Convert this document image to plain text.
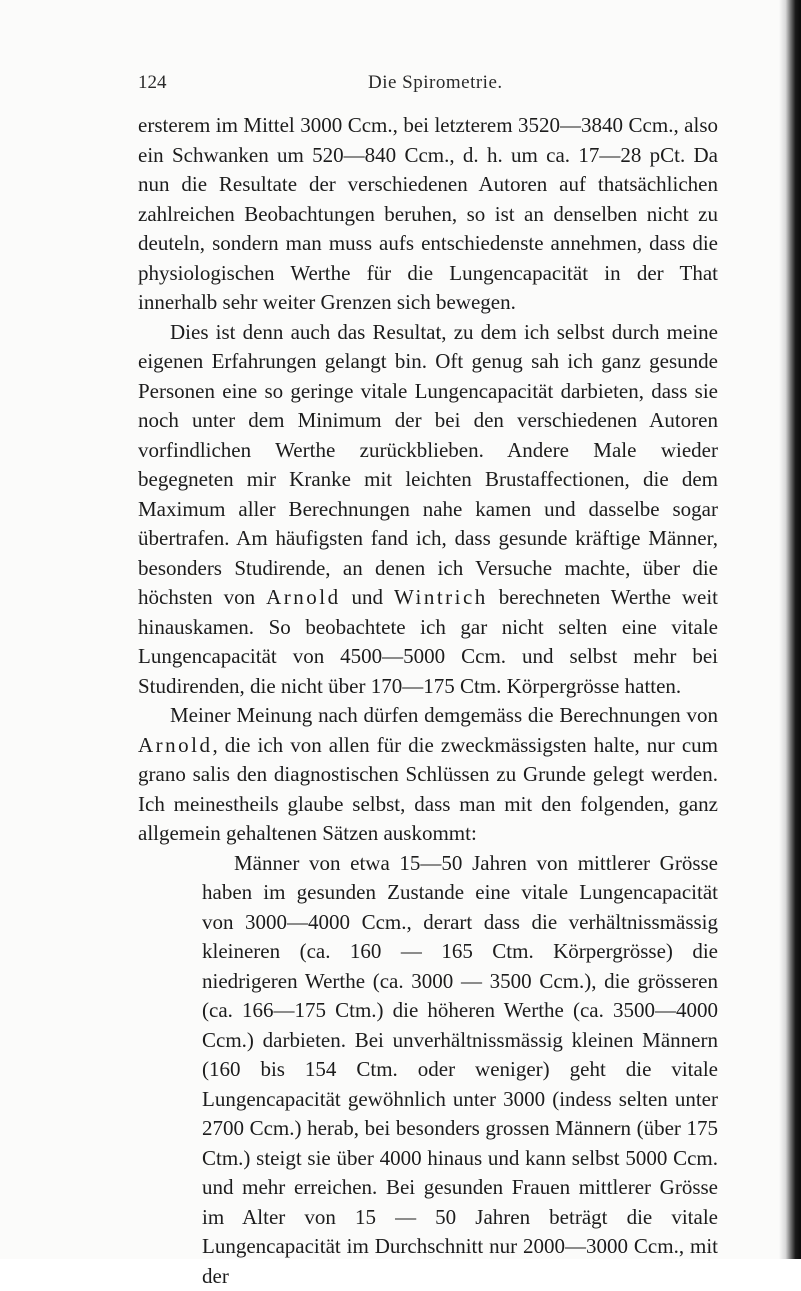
124	Die Spirometrie.

ersterem im Mittel 3000 Ccm., bei letzterem 3520—3840 Ccm., also ein Schwanken um 520—840 Ccm., d. h. um ca. 17—28 pCt. Da nun die Resultate der verschiedenen Autoren auf thatsächlichen zahlreichen Beobachtungen beruhen, so ist an denselben nicht zu deuteln, sondern man muss aufs entschiedenste annehmen, dass die physiologischen Werthe für die Lungencapacität in der That innerhalb sehr weiter Grenzen sich bewegen.

Dies ist denn auch das Resultat, zu dem ich selbst durch meine eigenen Erfahrungen gelangt bin. Oft genug sah ich ganz gesunde Personen eine so geringe vitale Lungencapacität darbieten, dass sie noch unter dem Minimum der bei den verschiedenen Autoren vorfindlichen Werthe zurückblieben. Andere Male wieder begegneten mir Kranke mit leichten Brustaffectionen, die dem Maximum aller Berechnungen nahe kamen und dasselbe sogar übertrafen. Am häufigsten fand ich, dass gesunde kräftige Männer, besonders Studirende, an denen ich Versuche machte, über die höchsten von Arnold und Wintrich berechneten Werthe weit hinauskamen. So beobachtete ich gar nicht selten eine vitale Lungencapacität von 4500—5000 Ccm. und selbst mehr bei Studirenden, die nicht über 170—175 Ctm. Körpergrösse hatten.

Meiner Meinung nach dürfen demgemäss die Berechnungen von Arnold, die ich von allen für die zweckmässigsten halte, nur cum grano salis den diagnostischen Schlüssen zu Grunde gelegt werden. Ich meinestheils glaube selbst, dass man mit den folgenden, ganz allgemein gehaltenen Sätzen auskommt:

Männer von etwa 15—50 Jahren von mittlerer Grösse haben im gesunden Zustande eine vitale Lungencapacität von 3000—4000 Ccm., derart dass die verhältnissmässig kleineren (ca. 160 — 165 Ctm. Körpergrösse) die niedrigeren Werthe (ca. 3000 — 3500 Ccm.), die grösseren (ca. 166—175 Ctm.) die höheren Werthe (ca. 3500—4000 Ccm.) darbieten. Bei unverhältnissmässig kleinen Männern (160 bis 154 Ctm. oder weniger) geht die vitale Lungencapacität gewöhnlich unter 3000 (indess selten unter 2700 Ccm.) herab, bei besonders grossen Männern (über 175 Ctm.) steigt sie über 4000 hinaus und kann selbst 5000 Ccm. und mehr erreichen. Bei gesunden Frauen mittlerer Grösse im Alter von 15 — 50 Jahren beträgt die vitale Lungencapacität im Durchschnitt nur 2000—3000 Ccm., mit der
